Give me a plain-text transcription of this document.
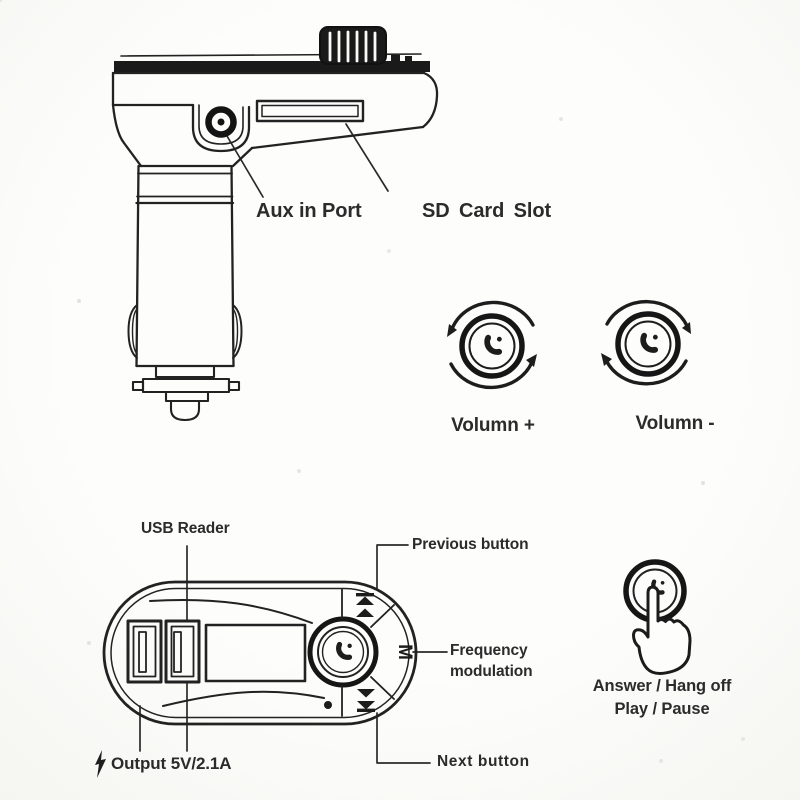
M
Aux in Port	SD Card Slot
Volumn +	Volumn -
USB Reader
Previous button
Frequency
modulation
Next button
Answer / Hang off
Play / Pause
Output 5V/2.1A
